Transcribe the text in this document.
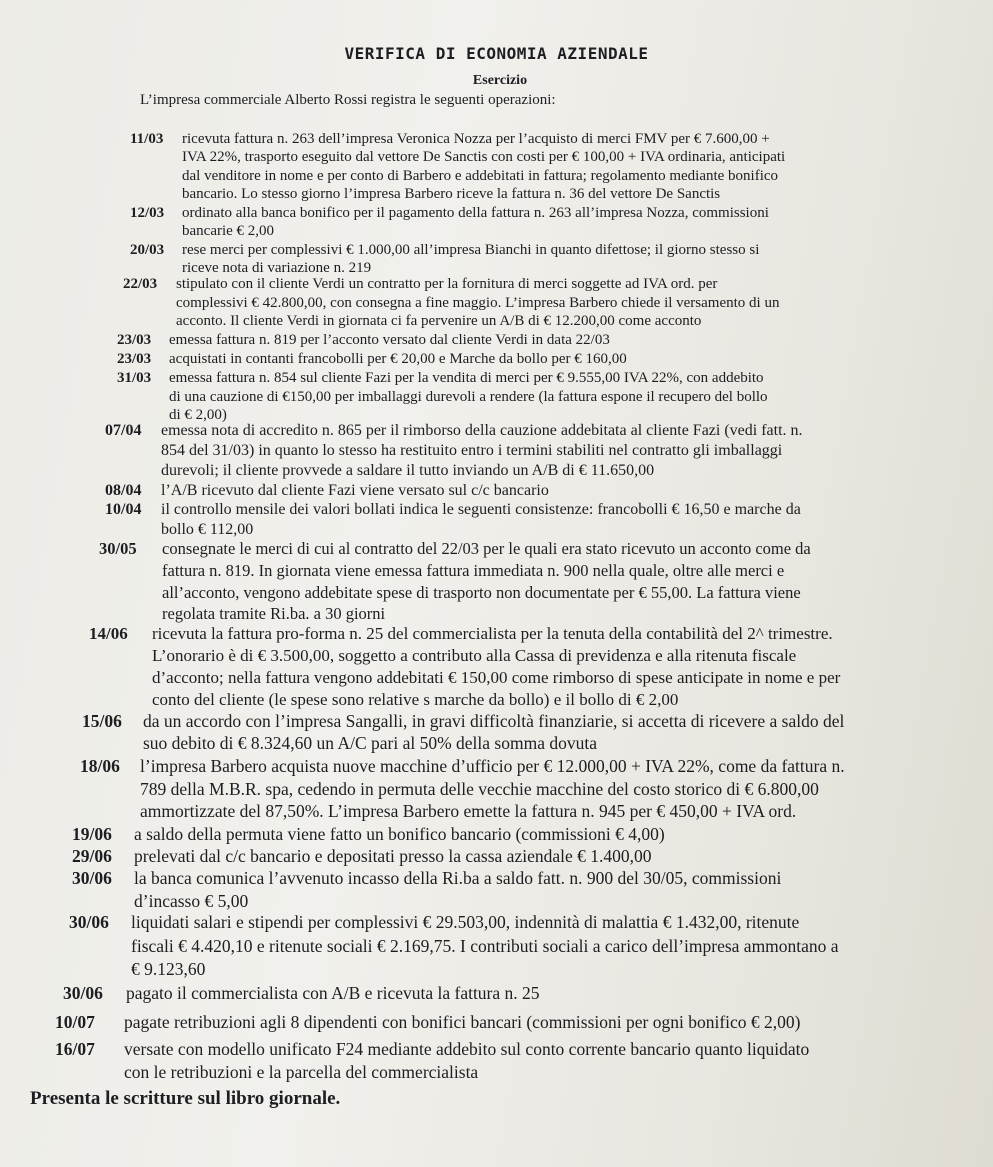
VERIFICA DI ECONOMIA AZIENDALE
Esercizio
L’impresa commerciale Alberto Rossi registra le seguenti operazioni:
11/03 ricevuta fattura n. 263 dell’impresa Veronica Nozza per l’acquisto di merci FMV per € 7.600,00 +
IVA 22%, trasporto eseguito dal vettore De Sanctis con costi per € 100,00 + IVA ordinaria, anticipati
dal venditore in nome e per conto di Barbero e addebitati in fattura; regolamento mediante bonifico
bancario. Lo stesso giorno l’impresa Barbero riceve la fattura n. 36 del vettore De Sanctis
12/03 ordinato alla banca bonifico per il pagamento della fattura n. 263 all’impresa Nozza, commissioni
bancarie € 2,00
20/03 rese merci per complessivi € 1.000,00 all’impresa Bianchi in quanto difettose; il giorno stesso si
riceve nota di variazione n. 219
22/03 stipulato con il cliente Verdi un contratto per la fornitura di merci soggette ad IVA ord. per
complessivi € 42.800,00, con consegna a fine maggio. L’impresa Barbero chiede il versamento di un
acconto. Il cliente Verdi in giornata ci fa pervenire un A/B di € 12.200,00 come acconto
23/03 emessa fattura n. 819 per l’acconto versato dal cliente Verdi in data 22/03
23/03 acquistati in contanti francobolli per € 20,00 e Marche da bollo per € 160,00
31/03 emessa fattura n. 854 sul cliente Fazi per la vendita di merci per € 9.555,00 IVA 22%, con addebito
di una cauzione di €150,00 per imballaggi durevoli a rendere (la fattura espone il recupero del bollo
di € 2,00)
07/04 emessa nota di accredito n. 865 per il rimborso della cauzione addebitata al cliente Fazi (vedi fatt. n.
854 del 31/03) in quanto lo stesso ha restituito entro i termini stabiliti nel contratto gli imballaggi
durevoli; il cliente provvede a saldare il tutto inviando un A/B di € 11.650,00
08/04 l’A/B ricevuto dal cliente Fazi viene versato sul c/c bancario
10/04 il controllo mensile dei valori bollati indica le seguenti consistenze: francobolli € 16,50 e marche da
bollo € 112,00
30/05 consegnate le merci di cui al contratto del 22/03 per le quali era stato ricevuto un acconto come da
fattura n. 819. In giornata viene emessa fattura immediata n. 900 nella quale, oltre alle merci e
all’acconto, vengono addebitate spese di trasporto non documentate per € 55,00. La fattura viene
regolata tramite Ri.ba. a 30 giorni
14/06 ricevuta la fattura pro-forma n. 25 del commercialista per la tenuta della contabilità del 2^ trimestre.
L’onorario è di € 3.500,00, soggetto a contributo alla Cassa di previdenza e alla ritenuta fiscale
d’acconto; nella fattura vengono addebitati € 150,00 come rimborso di spese anticipate in nome e per
conto del cliente (le spese sono relative s marche da bollo) e il bollo di € 2,00
15/06 da un accordo con l’impresa Sangalli, in gravi difficoltà finanziarie, si accetta di ricevere a saldo del
suo debito di € 8.324,60 un A/C pari al 50% della somma dovuta
18/06 l’impresa Barbero acquista nuove macchine d’ufficio per € 12.000,00 + IVA 22%, come da fattura n.
789 della M.B.R. spa, cedendo in permuta delle vecchie macchine del costo storico di € 6.800,00
ammortizzate del 87,50%. L’impresa Barbero emette la fattura n. 945 per € 450,00 + IVA ord.
19/06 a saldo della permuta viene fatto un bonifico bancario (commissioni € 4,00)
29/06 prelevati dal c/c bancario e depositati presso la cassa aziendale € 1.400,00
30/06 la banca comunica l’avvenuto incasso della Ri.ba a saldo fatt. n. 900 del 30/05, commissioni
d’incasso € 5,00
30/06 liquidati salari e stipendi per complessivi € 29.503,00, indennità di malattia € 1.432,00, ritenute
fiscali € 4.420,10 e ritenute sociali € 2.169,75. I contributi sociali a carico dell’impresa ammontano a
€ 9.123,60
30/06 pagato il commercialista con A/B e ricevuta la fattura n. 25
10/07 pagate retribuzioni agli 8 dipendenti con bonifici bancari (commissioni per ogni bonifico € 2,00)
16/07 versate con modello unificato F24 mediante addebito sul conto corrente bancario quanto liquidato
con le retribuzioni e la parcella del commercialista
Presenta le scritture sul libro giornale.
